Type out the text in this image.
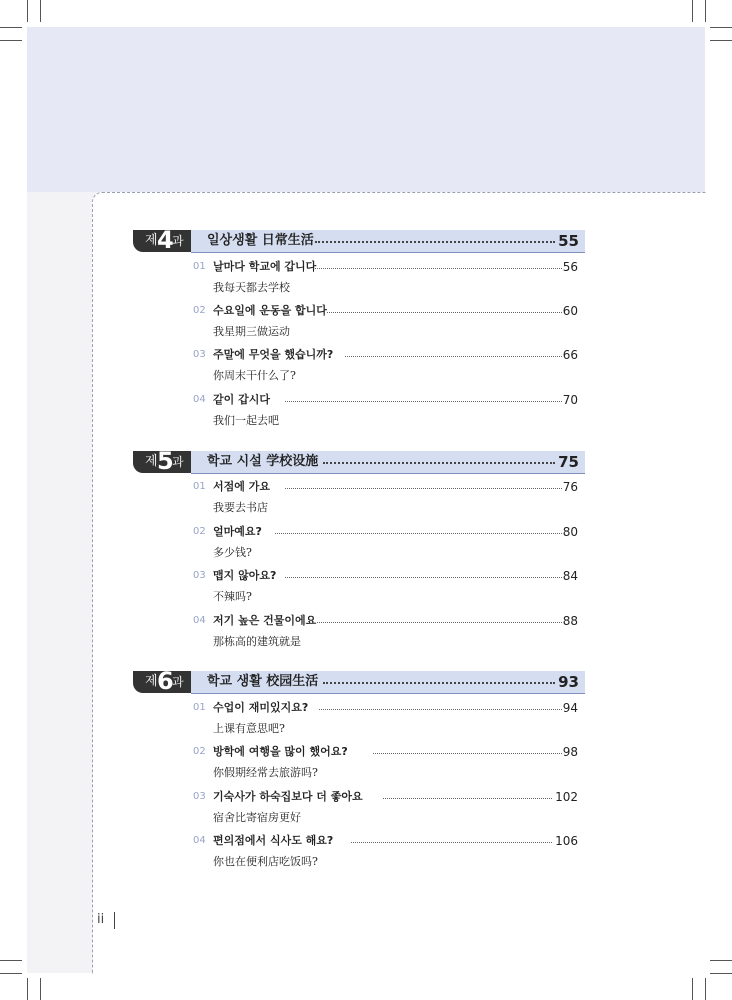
제 4
과 일상생활 日常生活	55
01 날마다 학교에 갑니다	56
我每天都去学校
02 수요일에 운동을 합니다	60
我星期三做运动
03 주말에 무엇을 했습니까?	66
你周末干什么了?
04 같이 갑시다	70
我们一起去吧
제 5
과 학교 시설 学校设施	75
01 서점에 가요	76
我要去书店
02 얼마예요?	80
多少钱?
03 맵지 않아요?	84
不辣吗?
04 저기 높은 건물이에요	88
那栋高的建筑就是
제 6
과 학교 생활 校园生活	93
01 수업이 재미있지요?	94
上课有意思吧?
02 방학에 여행을 많이 했어요?	98
你假期经常去旅游吗?
03 기숙사가 하숙집보다 더 좋아요	102
宿舍比寄宿房更好
04 편의점에서 식사도 해요?	106
你也在便利店吃饭吗?
ii
